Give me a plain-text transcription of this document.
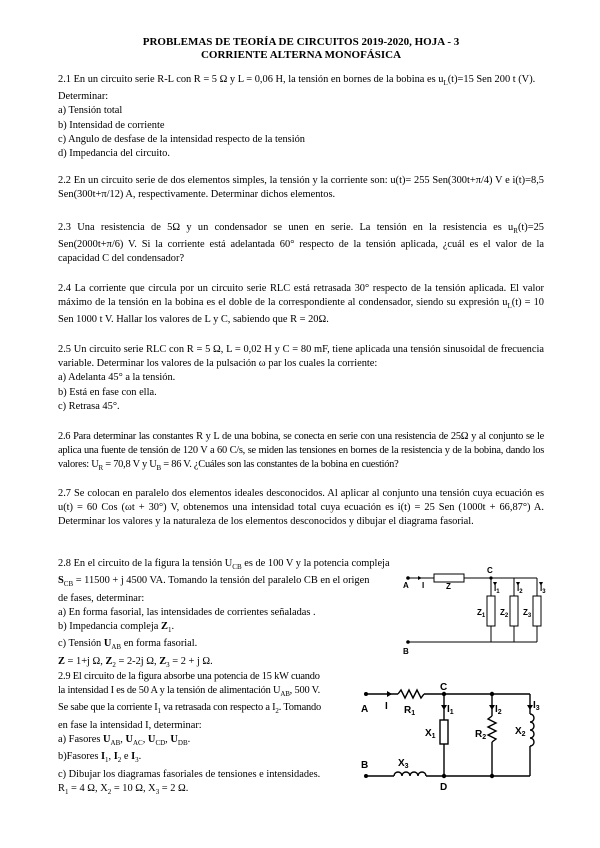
PROBLEMAS DE TEORÍA DE CIRCUITOS 2019-2020, HOJA - 3
CORRIENTE ALTERNA MONOFÁSICA

2.1 En un circuito serie R-L con R = 5 Ω y L = 0,06 H, la tensión en bornes de la bobina es $u_L(t)=15$ Sen 200 t (V). Determinar:

a) Tensión total

b) Intensidad de corriente

c) Angulo de desfase de la intensidad respecto de la tensión

d) Impedancia del circuito.

2.2 En un circuito serie de dos elementos simples, la tensión y la corriente son: u(t)= 255 Sen(300t+π/4) V e i(t)=8,5 Sen(300t+π/12) A, respectivamente. Determinar dichos elementos.

2.3 Una resistencia de 5Ω y un condensador se unen en serie. La tensión en la resistencia es $u_R(t)=25$ Sen(2000t+π/6) V. Si la corriente está adelantada 60° respecto de la tensión aplicada, ¿cuál es el valor de la capacidad C del condensador?

2.4 La corriente que circula por un circuito serie RLC está retrasada 30° respecto de la tensión aplicada. El valor máximo de la tensión en la bobina es el doble de la correspondiente al condensador, siendo su expresión $u_L(t) = 10$ Sen 1000 t V. Hallar los valores de L y C, sabiendo que R = 20Ω.

2.5 Un circuito serie RLC con R = 5 Ω, L = 0,02 H y C = 80 mF, tiene aplicada una tensión sinusoidal de frecuencia variable. Determinar los valores de la pulsación ω par los cuales la corriente:

a) Adelanta 45° a la tensión.

b) Está en fase con ella.

c) Retrasa 45°.

2.6 Para determinar las constantes R y L de una bobina, se conecta en serie con una resistencia de 25Ω y al conjunto se le aplica una fuente de tensión de 120 V a 60 C/s, se miden las tensiones en bornes de la resistencia y de la bobina, dando los valores: $U_R = 70,8$ V y $U_B = 86$ V. ¿Cuáles son las constantes de la bobina en cuestión?

2.7 Se colocan en paralelo dos elementos ideales desconocidos. Al aplicar al conjunto una tensión cuya ecuación es u(t) = 60 Cos (ωt + 30°) V, obtenemos una intensidad total cuya ecuación es i(t) = 25 Sen (1000t + 66,87°) A. Determinar los valores y la naturaleza de los elementos desconocidos y dibujar el diagrama fasorial.

2.8 En el circuito de la figura la tensión $U_{CB}$ es de 100 V y la potencia compleja

$S_{CB} = 11500 + j$ 4500 VA. Tomando la tensión del paralelo CB en el origen

de fases, determinar:

a) En forma fasorial, las intensidades de corrientes señaladas .

b) Impedancia compleja $Z_1$.

c) Tensión $U_{AB}$ en forma fasorial.

Z = 1+j Ω, $Z_2 = 2-2j$ Ω, $Z_3 = 2 + j$ Ω.

A I	Z
C
$I_1$ $I_2$ $I_3$
$Z_1$ $Z_2$ $Z_3$
B

2.9 El circuito de la figura absorbe una potencia de 15 kW cuando

la intensidad I es de 50 A y la tensión de alimentación $U_{AB}$, 500 V.

Se sabe que la corriente $I_1$ va retrasada con respecto a $I_2$. Tomando

en fase la intensidad I, determinar:

a) Fasores $U_{AB}$, $U_{AC}$, $U_{CD}$, $U_{DB}$.

b)Fasores $I_1$, $I_2$ e $I_3$.

c) Dibujar los diagramas fasoriales de tensiones e intensidades.

$R_1 = 4$ Ω, $X_2 = 10$ Ω, $X_3 = 2$ Ω.

A I $R_1$
C
$I_1$	$I_2$
$I_3$
$X_1$	$R_2$
$X_2$
$X_3$
B
D
